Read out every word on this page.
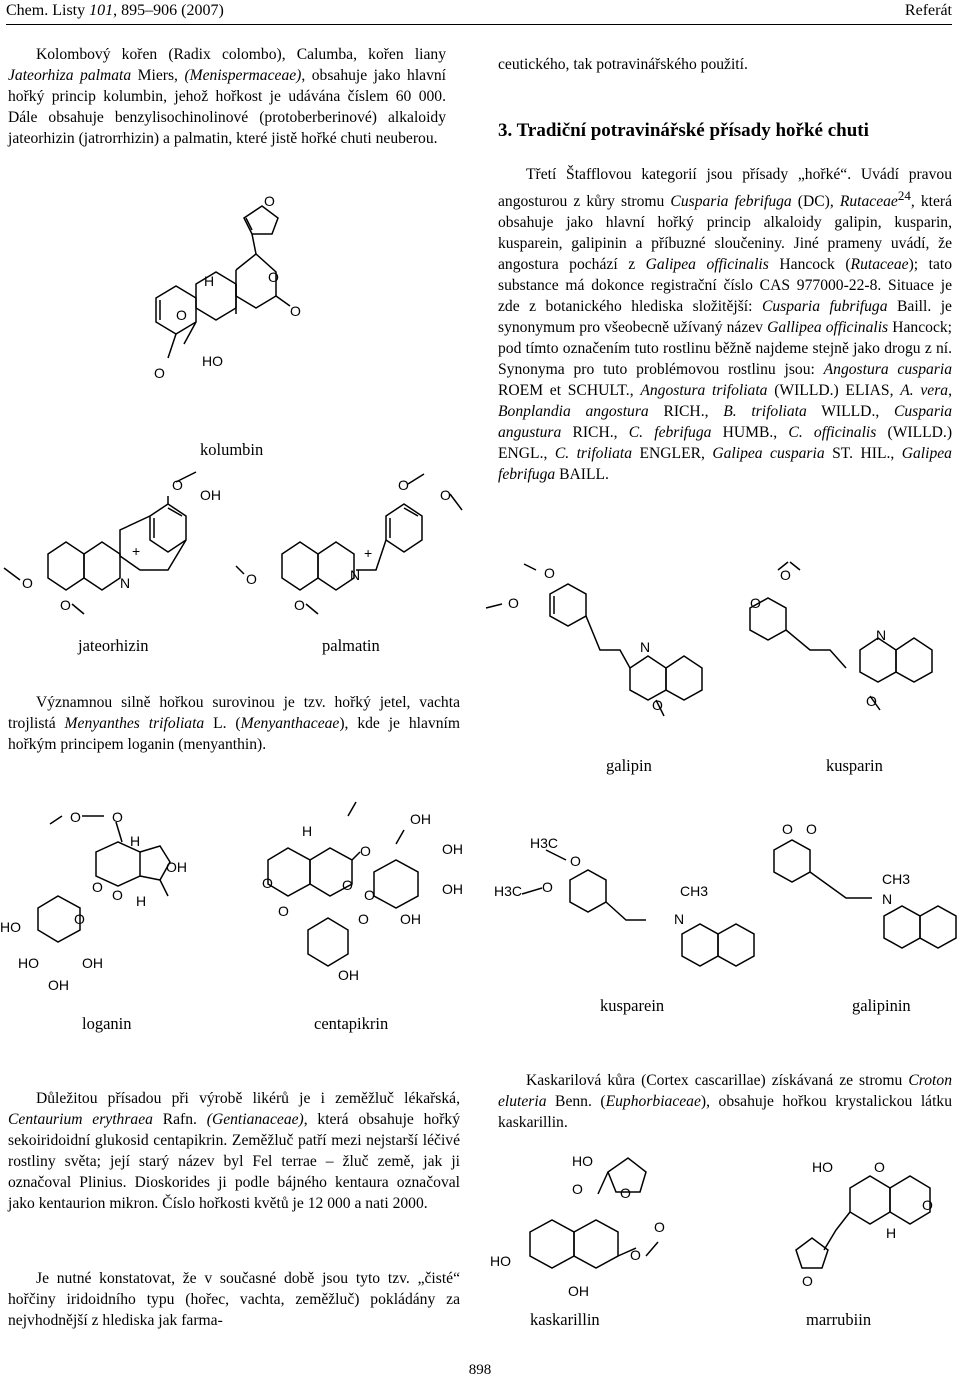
Chem. Listy 101, 895–906 (2007)	Referát
Kolombový kořen (Radix colombo), Calumba, kořen liany Jateorhiza palmata Miers, (Menispermaceae), obsahuje jako hlavní hořký princip kolumbin, jehož hořkost je udávána číslem 60 000. Dále obsahuje benzylisochinolinové (protoberberinové) alkaloidy jateorhizin (jatrorrhizin) a palmatin, které jistě hořké chuti neuberou.
Významnou silně hořkou surovinou je tzv. hořký jetel, vachta trojlistá Menyanthes trifoliata L. (Menyanthaceae), kde je hlavním hořkým principem loganin (menyanthin).
Důležitou přísadou při výrobě likérů je i zeměžluč lékařská, Centaurium erythraea Rafn. (Gentianaceae), která obsahuje hořký sekoiridoidní glukosid centapikrin. Zeměžluč patří mezi nejstarší léčivé rostliny světa; její starý název byl Fel terrae – žluč země, jak ji označoval Plinius. Dioskorides ji podle bájného kentaura označoval jako kentaurion mikron. Číslo hořkosti květů je 12 000 a nati 2000.
Je nutné konstatovat, že v současné době jsou tyto tzv. „čisté“ hořčiny iridoidního typu (hořec, vachta, zeměžluč) pokládány za nejvhodnější z hlediska jak farma-
ceutického, tak potravinářského použití.
3. Tradiční potravinářské přísady hořké chuti
Třetí Štafflovou kategorií jsou přísady „hořké“. Uvádí pravou angosturou z kůry stromu Cusparia febrifuga (DC), Rutaceae$^{24}$, která obsahuje jako hlavní hořký princip alkaloidy galipin, kusparin, kusparein, galipinin a příbuzné sloučeniny. Jiné prameny uvádí, že angostura pochází z Galipea officinalis Hancock (Rutaceae); tato substance má dokonce registrační číslo CAS 977000-22-8. Situace je zde z botanického hlediska složitější: Cusparia fubrifuga Baill. je synonymum pro všeobecně užívaný název Gallipea officinalis Hancock; pod tímto označením tuto rostlinu běžně najdeme stejně jako drogu z ní. Synonyma pro tuto problémovou rostlinu jsou: Angostura cusparia ROEM et SCHULT., Angostura trifoliata (WILLD.) ELIAS, A. vera, Bonplandia angostura RICH., B. trifoliata WILLD., Cusparia angustura RICH., C. febrifuga HUMB., C. officinalis (WILLD.) ENGL., C. trifoliata ENGLER, Galipea cusparia ST. HIL., Galipea febrifuga BAILL.
Kaskarilová kůra (Cortex cascarillae) získávaná ze stromu Croton eluteria Benn. (Euphorbiaceae), obsahuje hořkou krystalickou látku kaskarillin.
kolumbin
jateorhizin	palmatin
galipin	kusparin
loganin	centapikrin
kusparein	galipinin
kaskarillin	marrubiin
O
O
O
H
O
HO
O
O
OH
N
+
O
O
O
O
N
+
O
O
O
O
N
O
O
O
N
O
O O
H
OH
H
O O
O
HO
HO	OH
OH
H
O
O	O
O
OH
OH
OH
OH
O
O
OH
H3C
O
H3C O	CH3
N
O O
CH3
N
HO
O
O
O
O
HO
OH
HO	O
H
O
O
898
